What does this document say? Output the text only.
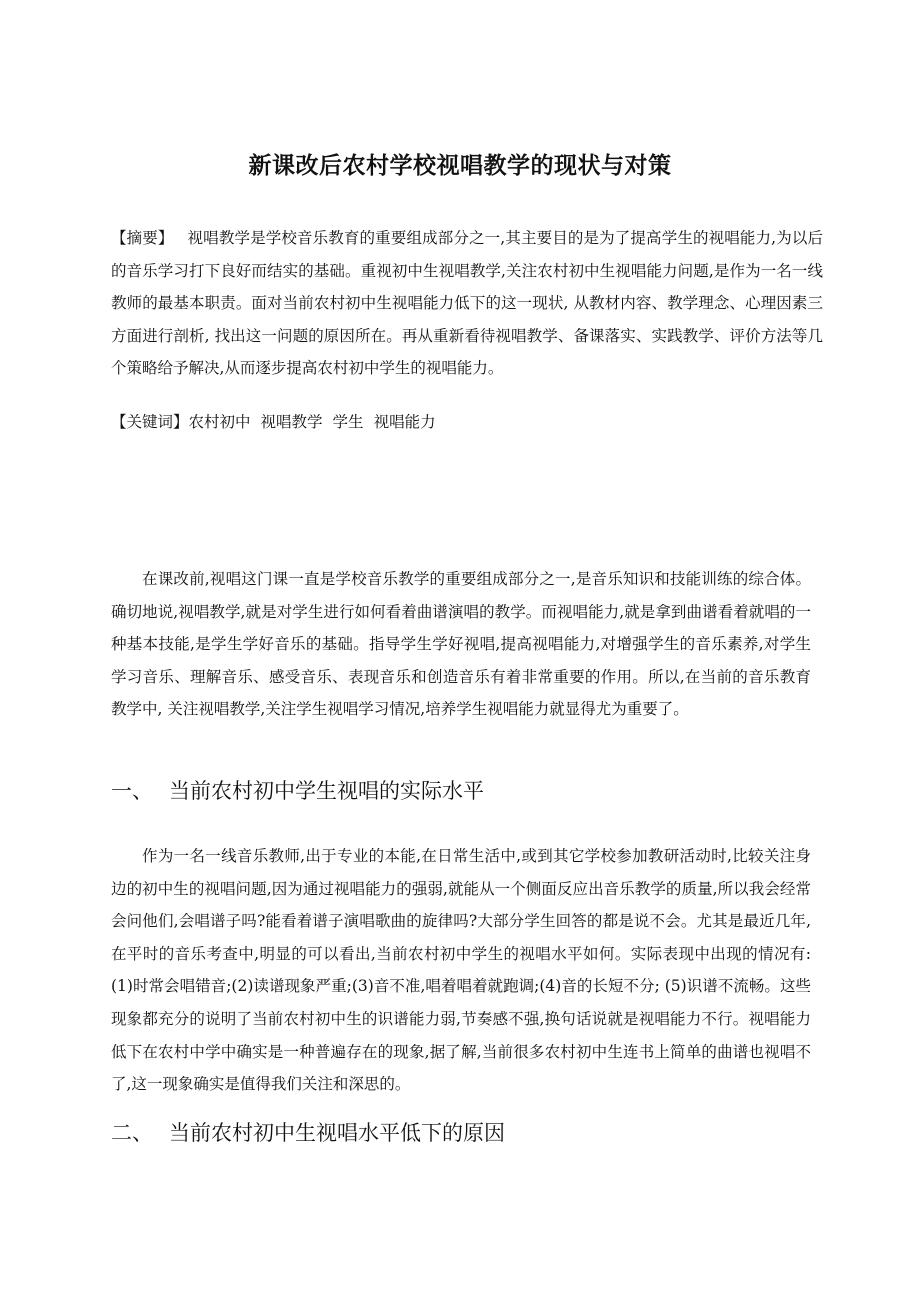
新课改后农村学校视唱教学的现状与对策

【摘要】 视唱教学是学校音乐教育的重要组成部分之一,其主要目的是为了提高学生的视唱能力,为以后的音乐学习打下良好而结实的基础。重视初中生视唱教学,关注农村初中生视唱能力问题,是作为一名一线教师的最基本职责。面对当前农村初中生视唱能力低下的这一现状, 从教材内容、教学理念、心理因素三方面进行剖析, 找出这一问题的原因所在。再从重新看待视唱教学、备课落实、实践教学、评价方法等几个策略给予解决,从而逐步提高农村初中学生的视唱能力。

【关键词】农村初中 视唱教学 学生 视唱能力

在课改前,视唱这门课一直是学校音乐教学的重要组成部分之一,是音乐知识和技能训练的综合体。确切地说,视唱教学,就是对学生进行如何看着曲谱演唱的教学。而视唱能力,就是拿到曲谱看着就唱的一种基本技能,是学生学好音乐的基础。指导学生学好视唱,提高视唱能力,对增强学生的音乐素养,对学生学习音乐、理解音乐、感受音乐、表现音乐和创造音乐有着非常重要的作用。所以,在当前的音乐教育教学中, 关注视唱教学,关注学生视唱学习情况,培养学生视唱能力就显得尤为重要了。

一、 当前农村初中学生视唱的实际水平

作为一名一线音乐教师,出于专业的本能,在日常生活中,或到其它学校参加教研活动时,比较关注身边的初中生的视唱问题,因为通过视唱能力的强弱,就能从一个侧面反应出音乐教学的质量,所以我会经常会问他们,会唱谱子吗?能看着谱子演唱歌曲的旋律吗?大部分学生回答的都是说不会。尤其是最近几年, 在平时的音乐考查中,明显的可以看出,当前农村初中学生的视唱水平如何。实际表现中出现的情况有:(1)时常会唱错音;(2)读谱现象严重;(3)音不准,唱着唱着就跑调;(4)音的长短不分; (5)识谱不流畅。这些现象都充分的说明了当前农村初中生的识谱能力弱,节奏感不强,换句话说就是视唱能力不行。视唱能力低下在农村中学中确实是一种普遍存在的现象,据了解,当前很多农村初中生连书上简单的曲谱也视唱不了,这一现象确实是值得我们关注和深思的。

二、 当前农村初中生视唱水平低下的原因
